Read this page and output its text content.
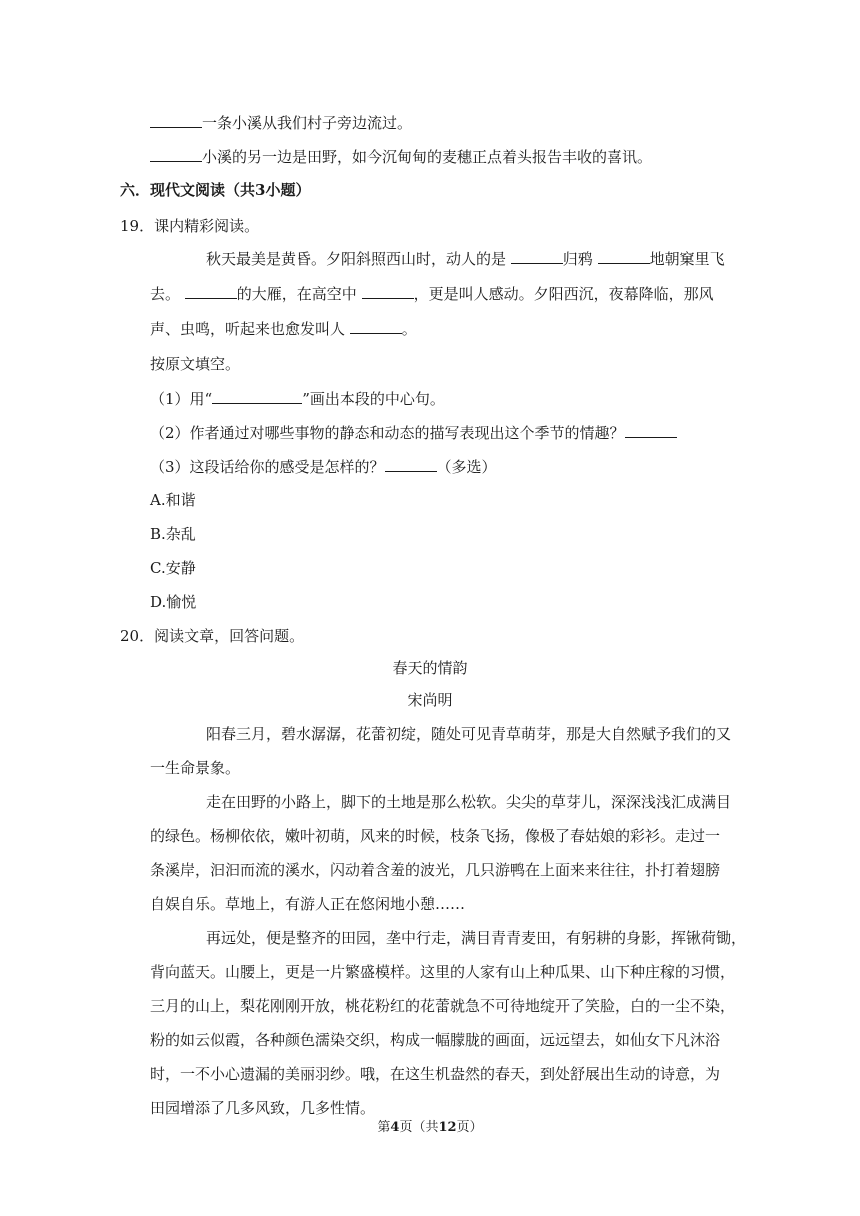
一条小溪从我们村子旁边流过。
小溪的另一边是田野，如今沉甸甸的麦穗正点着头报告丰收的喜讯。
六．现代文阅读（共3小题）
19．课内精彩阅读。
秋天最美是黄昏。夕阳斜照西山时，动人的是	归鸦	地朝窠里飞
去。	的大雁，在高空中	，更是叫人感动。夕阳西沉，夜幕降临，那风
声、虫鸣，听起来也愈发叫人	。
按原文填空。
（1）用“	”画出本段的中心句。
（2）作者通过对哪些事物的静态和动态的描写表现出这个季节的情趣？
（3）这段话给你的感受是怎样的？	（多选）
A.和谐
B.杂乱
C.安静
D.愉悦
20．阅读文章，回答问题。
春天的情韵
宋尚明
阳春三月，碧水潺潺，花蕾初绽，随处可见青草萌芽，那是大自然赋予我们的又
一生命景象。
走在田野的小路上，脚下的土地是那么松软。尖尖的草芽儿，深深浅浅汇成满目
的绿色。杨柳依依，嫩叶初萌，风来的时候，枝条飞扬，像极了春姑娘的彩衫。走过一
条溪岸，汩汩而流的溪水，闪动着含羞的波光，几只游鸭在上面来来往往，扑打着翅膀
自娱自乐。草地上，有游人正在悠闲地小憩……
再远处，便是整齐的田园，垄中行走，满目青青麦田，有躬耕的身影，挥锹荷锄，
背向蓝天。山腰上，更是一片繁盛模样。这里的人家有山上种瓜果、山下种庄稼的习惯，
三月的山上，梨花刚刚开放，桃花粉红的花蕾就急不可待地绽开了笑脸，白的一尘不染，
粉的如云似霞，各种颜色濡染交织，构成一幅朦胧的画面，远远望去，如仙女下凡沐浴
时，一不小心遗漏的美丽羽纱。哦，在这生机盎然的春天，到处舒展出生动的诗意，为
田园增添了几多风致，几多性情。
第4页（共12页）
